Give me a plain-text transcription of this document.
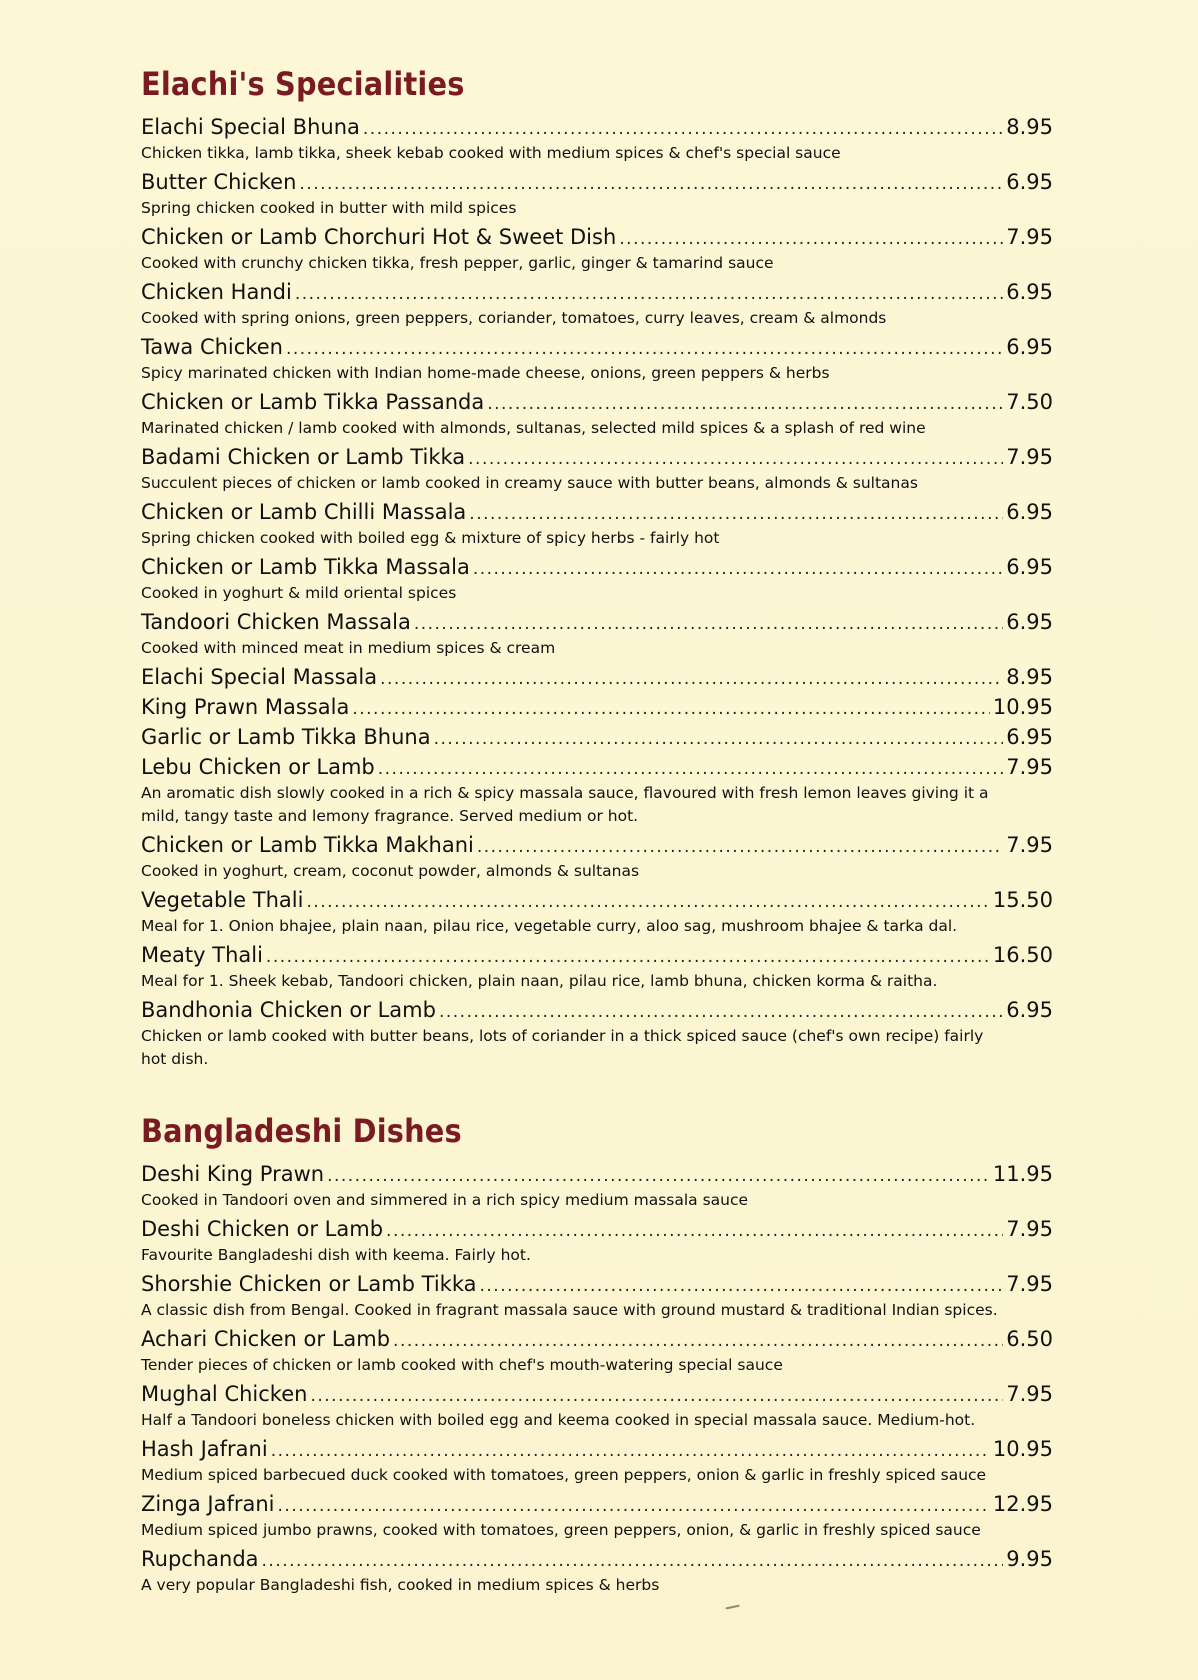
Elachi's Specialities
Elachi Special Bhuna .....	8.95
Chicken tikka, lamb tikka, sheek kebab cooked with medium spices & chef's special sauce
Butter Chicken .....	6.95
Spring chicken cooked in butter with mild spices
Chicken or Lamb Chorchuri Hot & Sweet Dish .....	7.95
Cooked with crunchy chicken tikka, fresh pepper, garlic, ginger & tamarind sauce
Chicken Handi .....	6.95
Cooked with spring onions, green peppers, coriander, tomatoes, curry leaves, cream & almonds
Tawa Chicken .....	6.95
Spicy marinated chicken with Indian home-made cheese, onions, green peppers & herbs
Chicken or Lamb Tikka Passanda .....	7.50
Marinated chicken / lamb cooked with almonds, sultanas, selected mild spices & a splash of red wine
Badami Chicken or Lamb Tikka .....	7.95
Succulent pieces of chicken or lamb cooked in creamy sauce with butter beans, almonds & sultanas
Chicken or Lamb Chilli Massala .....	6.95
Spring chicken cooked with boiled egg & mixture of spicy herbs - fairly hot
Chicken or Lamb Tikka Massala .....	6.95
Cooked in yoghurt & mild oriental spices
Tandoori Chicken Massala .....	6.95
Cooked with minced meat in medium spices & cream
Elachi Special Massala .....	8.95
King Prawn Massala .....	10.95
Garlic or Lamb Tikka Bhuna .....	6.95
Lebu Chicken or Lamb .....	7.95
An aromatic dish slowly cooked in a rich & spicy massala sauce, flavoured with fresh lemon leaves giving it a mild, tangy taste and lemony fragrance. Served medium or hot.
Chicken or Lamb Tikka Makhani .....	7.95
Cooked in yoghurt, cream, coconut powder, almonds & sultanas
Vegetable Thali .....	15.50
Meal for 1. Onion bhajee, plain naan, pilau rice, vegetable curry, aloo sag, mushroom bhajee & tarka dal.
Meaty Thali .....	16.50
Meal for 1. Sheek kebab, Tandoori chicken, plain naan, pilau rice, lamb bhuna, chicken korma & raitha.
Bandhonia Chicken or Lamb .....	6.95
Chicken or lamb cooked with butter beans, lots of coriander in a thick spiced sauce (chef's own recipe) fairly hot dish.
Bangladeshi Dishes
Deshi King Prawn .....	11.95
Cooked in Tandoori oven and simmered in a rich spicy medium massala sauce
Deshi Chicken or Lamb .....	7.95
Favourite Bangladeshi dish with keema. Fairly hot.
Shorshie Chicken or Lamb Tikka .....	7.95
A classic dish from Bengal. Cooked in fragrant massala sauce with ground mustard & traditional Indian spices.
Achari Chicken or Lamb .....	6.50
Tender pieces of chicken or lamb cooked with chef's mouth-watering special sauce
Mughal Chicken .....	7.95
Half a Tandoori boneless chicken with boiled egg and keema cooked in special massala sauce. Medium-hot.
Hash Jafrani .....	10.95
Medium spiced barbecued duck cooked with tomatoes, green peppers, onion & garlic in freshly spiced sauce
Zinga Jafrani .....	12.95
Medium spiced jumbo prawns, cooked with tomatoes, green peppers, onion, & garlic in freshly spiced sauce
Rupchanda .....	9.95
A very popular Bangladeshi fish, cooked in medium spices & herbs
